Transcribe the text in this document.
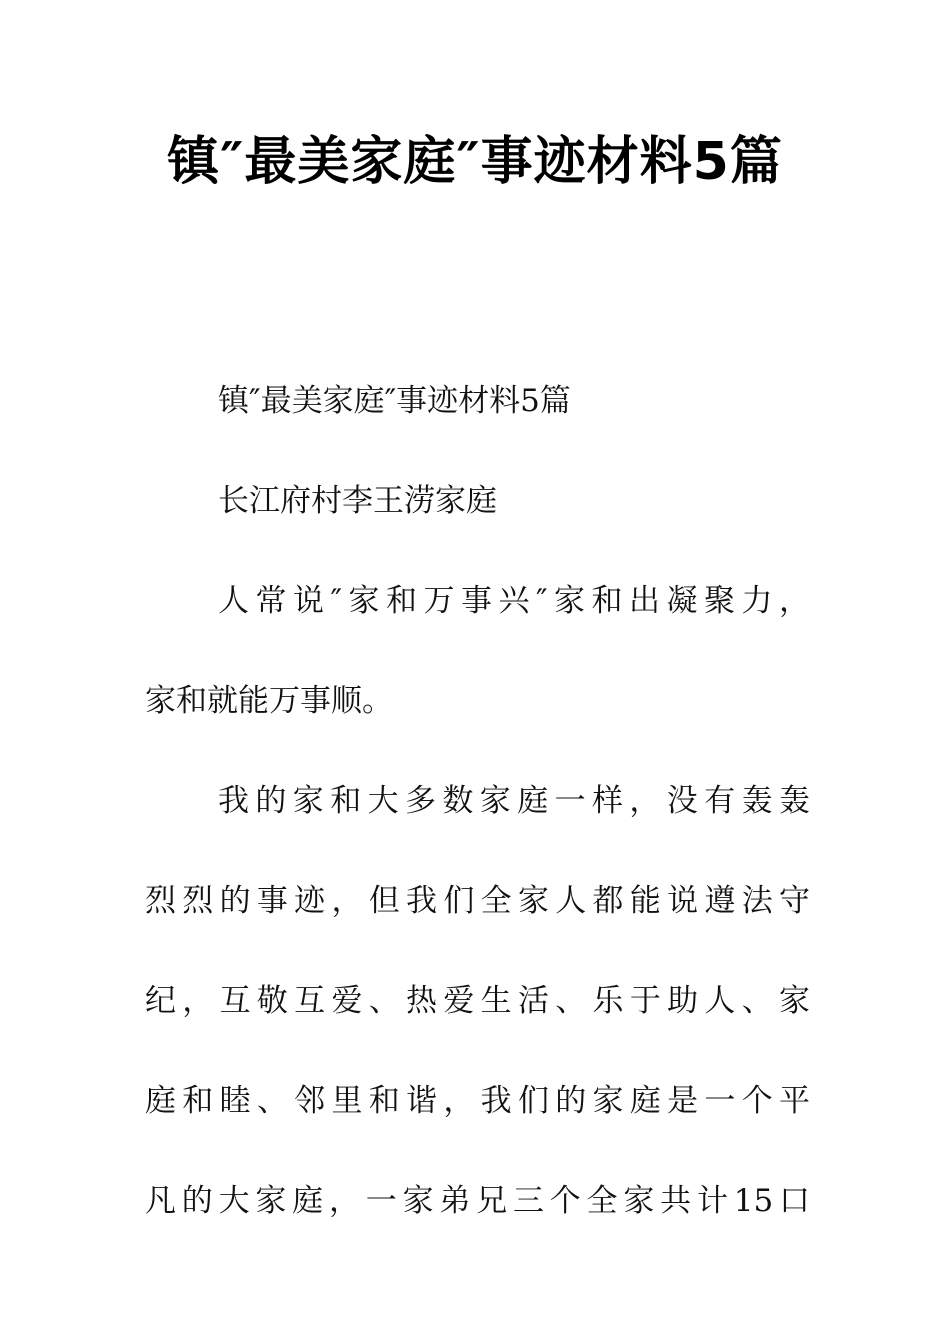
镇″最美家庭″事迹材料5篇
镇″最美家庭″事迹材料5篇
长江府村李王涝家庭
人常说″家和万事兴″家和出凝聚力，
家和就能万事顺。
我的家和大多数家庭一样，没有轰轰
烈烈的事迹，但我们全家人都能说遵法守
纪，互敬互爱、热爱生活、乐于助人、家
庭和睦、邻里和谐，我们的家庭是一个平
凡的大家庭，一家弟兄三个全家共计15口
